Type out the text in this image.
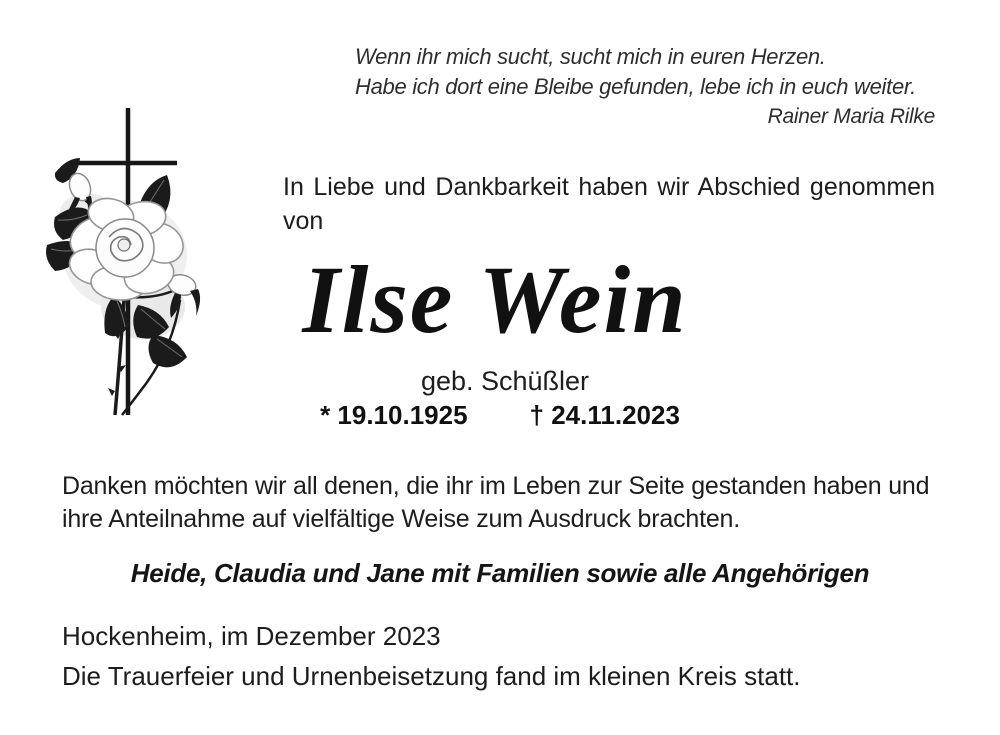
Wenn ihr mich sucht, sucht mich in euren Herzen.
Habe ich dort eine Bleibe gefunden, lebe ich in euch weiter.
Rainer Maria Rilke
In Liebe und Dankbarkeit haben wir Abschied genommen
von
Ilse Wein
geb. Schüßler
* 19.10.1925 † 24.11.2023
Danken möchten wir all denen, die ihr im Leben zur Seite gestanden haben und
ihre Anteilnahme auf vielfältige Weise zum Ausdruck brachten.
Heide, Claudia und Jane mit Familien sowie alle Angehörigen
Hockenheim, im Dezember 2023
Die Trauerfeier und Urnenbeisetzung fand im kleinen Kreis statt.
